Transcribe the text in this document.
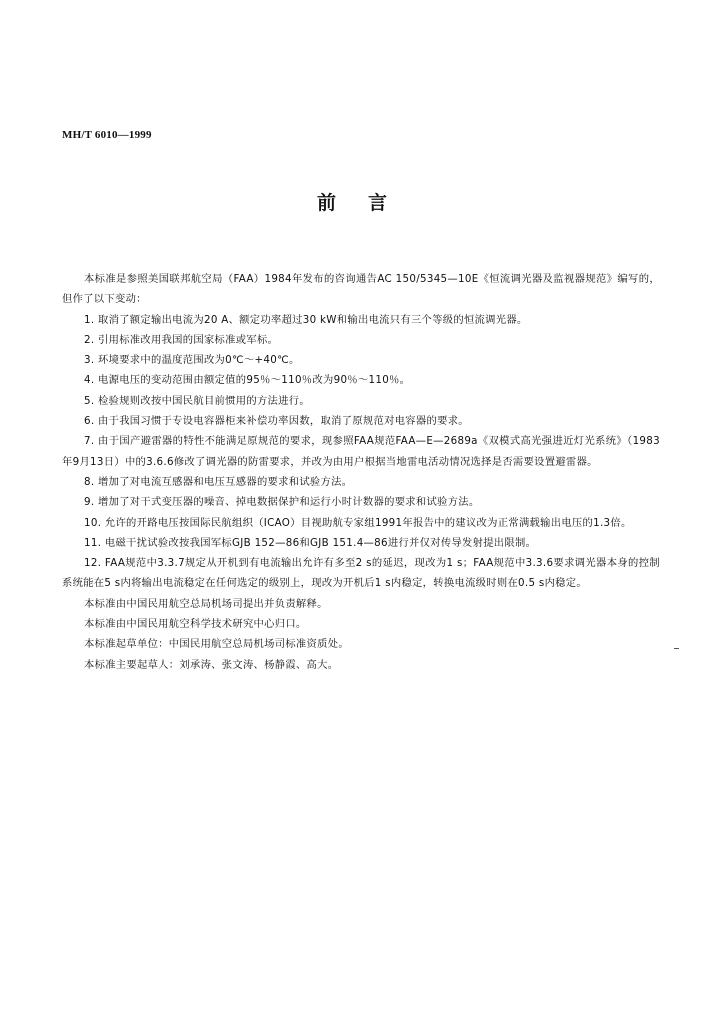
MH/T 6010—1999
前言

本标准是参照美国联邦航空局（FAA）1984年发布的咨询通告AC 150/5345—10E《恒流调光器及监视器规范》编写的，但作了以下变动：

1. 取消了额定输出电流为20 A、额定功率超过30 kW和输出电流只有三个等级的恒流调光器。

2. 引用标准改用我国的国家标准或军标。

3. 环境要求中的温度范围改为0℃～+40℃。

4. 电源电压的变动范围由额定值的95％～110％改为90％～110％。

5. 检验规则改按中国民航目前惯用的方法进行。

6. 由于我国习惯于专设电容器柜来补偿功率因数，取消了原规范对电容器的要求。

7. 由于国产避雷器的特性不能满足原规范的要求，现参照FAA规范FAA—E—2689a《双模式高光强进近灯光系统》（1983年9月13日）中的3.6.6修改了调光器的防雷要求，并改为由用户根据当地雷电活动情况选择是否需要设置避雷器。

8. 增加了对电流互感器和电压互感器的要求和试验方法。

9. 增加了对干式变压器的噪音、掉电数据保护和运行小时计数器的要求和试验方法。

10. 允许的开路电压按国际民航组织（ICAO）目视助航专家组1991年报告中的建议改为正常满载输出电压的1.3倍。

11. 电磁干扰试验改按我国军标GJB 152—86和GJB 151.4—86进行并仅对传导发射提出限制。

12. FAA规范中3.3.7规定从开机到有电流输出允许有多至2 s的延迟，现改为1 s；FAA规范中3.3.6要求调光器本身的控制系统能在5 s内将输出电流稳定在任何选定的级别上，现改为开机后1 s内稳定，转换电流级时则在0.5 s内稳定。

本标准由中国民用航空总局机场司提出并负责解释。

本标准由中国民用航空科学技术研究中心归口。

本标准起草单位：中国民用航空总局机场司标准资质处。

本标准主要起草人：刘承涛、张文涛、杨静霞、高大。
